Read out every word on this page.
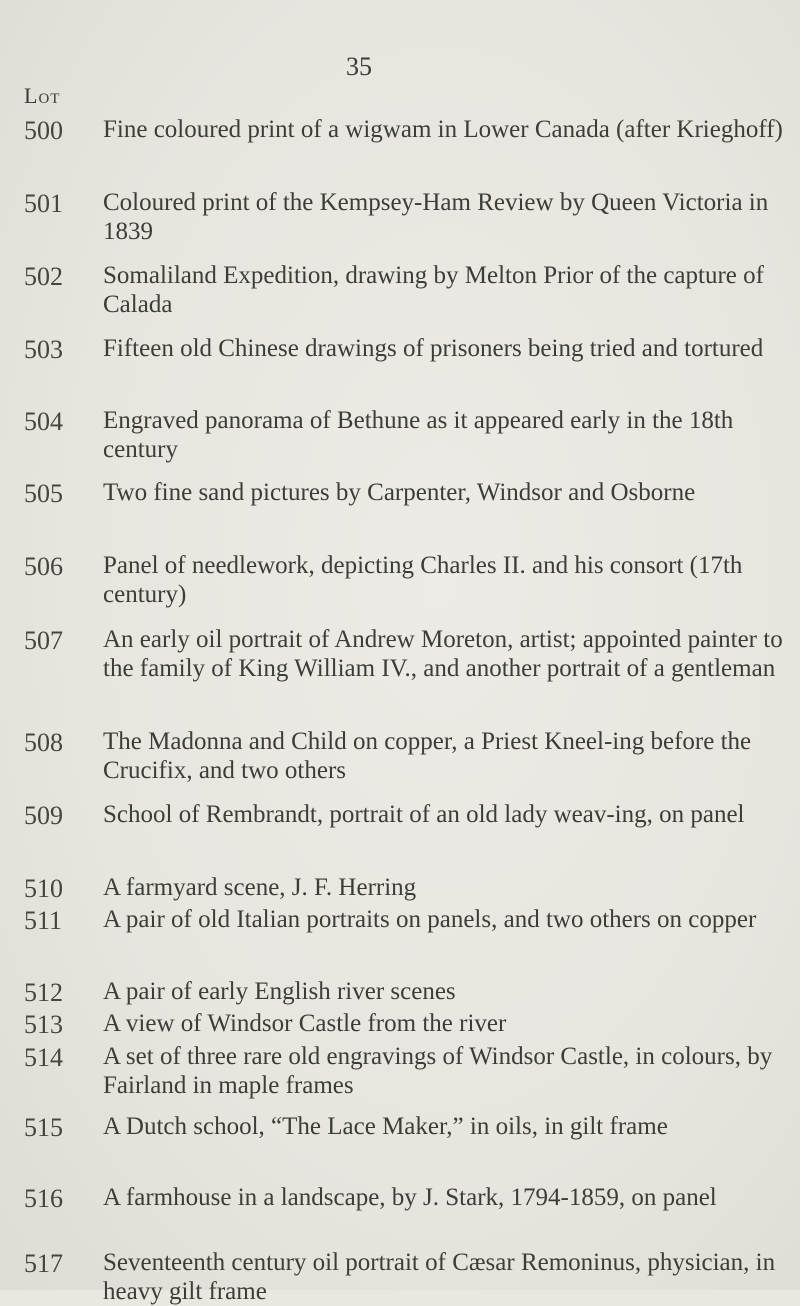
Lot
35
500 Fine coloured print of a wigwam in Lower Canada (after Krieghoff)
501 Coloured print of the Kempsey-Ham Review by Queen Victoria in 1839
502 Somaliland Expedition, drawing by Melton Prior of the capture of Calada
503 Fifteen old Chinese drawings of prisoners being tried and tortured
504 Engraved panorama of Bethune as it appeared early in the 18th century
505 Two fine sand pictures by Carpenter, Windsor and Osborne
506 Panel of needlework, depicting Charles II. and his consort (17th century)
507 An early oil portrait of Andrew Moreton, artist; appointed painter to the family of King William IV., and another portrait of a gentleman
508 The Madonna and Child on copper, a Priest Kneel-ing before the Crucifix, and two others
509 School of Rembrandt, portrait of an old lady weav-ing, on panel
510 A farmyard scene, J. F. Herring
511 A pair of old Italian portraits on panels, and two others on copper
512 A pair of early English river scenes
513 A view of Windsor Castle from the river
514 A set of three rare old engravings of Windsor Castle, in colours, by Fairland in maple frames
515 A Dutch school, “The Lace Maker,” in oils, in gilt frame
516 A farmhouse in a landscape, by J. Stark, 1794-1859, on panel
517 Seventeenth century oil portrait of Cæsar Remoninus, physician, in heavy gilt frame
